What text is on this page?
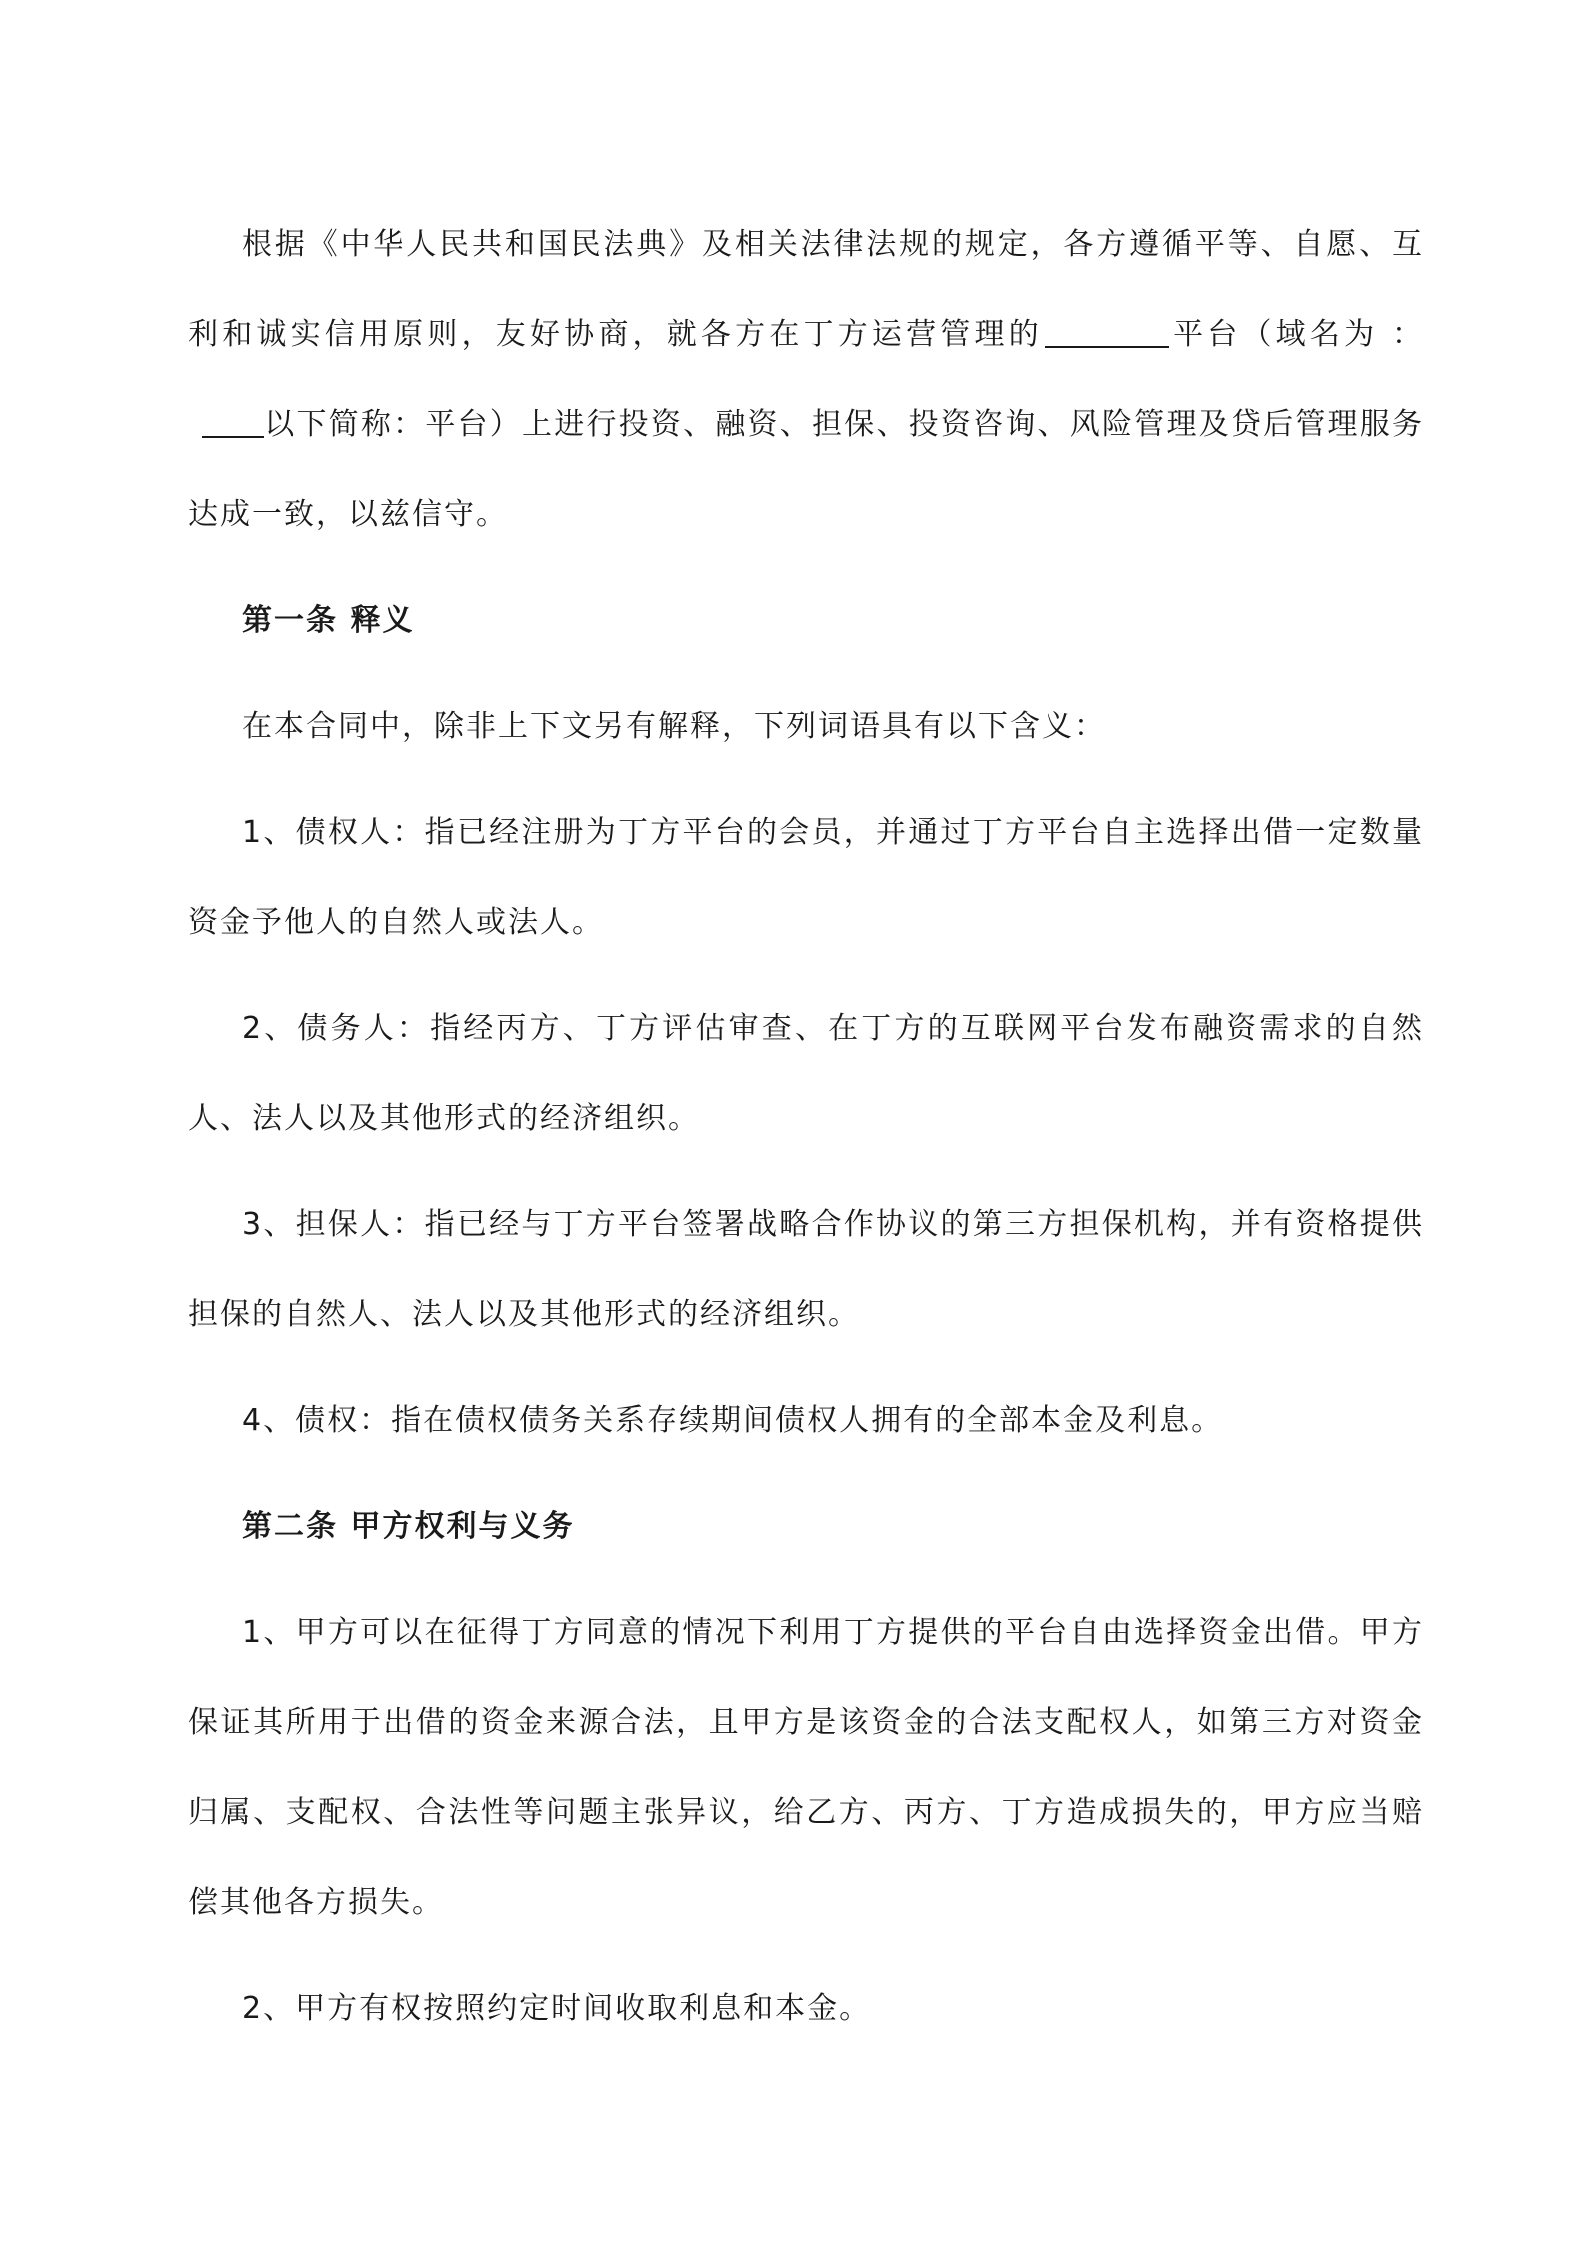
根据《中华人民共和国民法典》及相关法律法规的规定，各方遵循平等、自愿、互利和诚实信用原则，友好协商，就各方在丁方运营管理的	平台（域名为 ：以下简称：平台）上进行投资、融资、担保、投资咨询、风险管理及贷后管理服务达成一致，以兹信守。

第一条 释义

在本合同中，除非上下文另有解释，下列词语具有以下含义：

1、债权人：指已经注册为丁方平台的会员，并通过丁方平台自主选择出借一定数量资金予他人的自然人或法人。

2、债务人：指经丙方、丁方评估审查、在丁方的互联网平台发布融资需求的自然人、法人以及其他形式的经济组织。

3、担保人：指已经与丁方平台签署战略合作协议的第三方担保机构，并有资格提供担保的自然人、法人以及其他形式的经济组织。

4、债权：指在债权债务关系存续期间债权人拥有的全部本金及利息。

第二条 甲方权利与义务

1、甲方可以在征得丁方同意的情况下利用丁方提供的平台自由选择资金出借。甲方保证其所用于出借的资金来源合法，且甲方是该资金的合法支配权人，如第三方对资金归属、支配权、合法性等问题主张异议，给乙方、丙方、丁方造成损失的，甲方应当赔偿其他各方损失。

2、甲方有权按照约定时间收取利息和本金。
